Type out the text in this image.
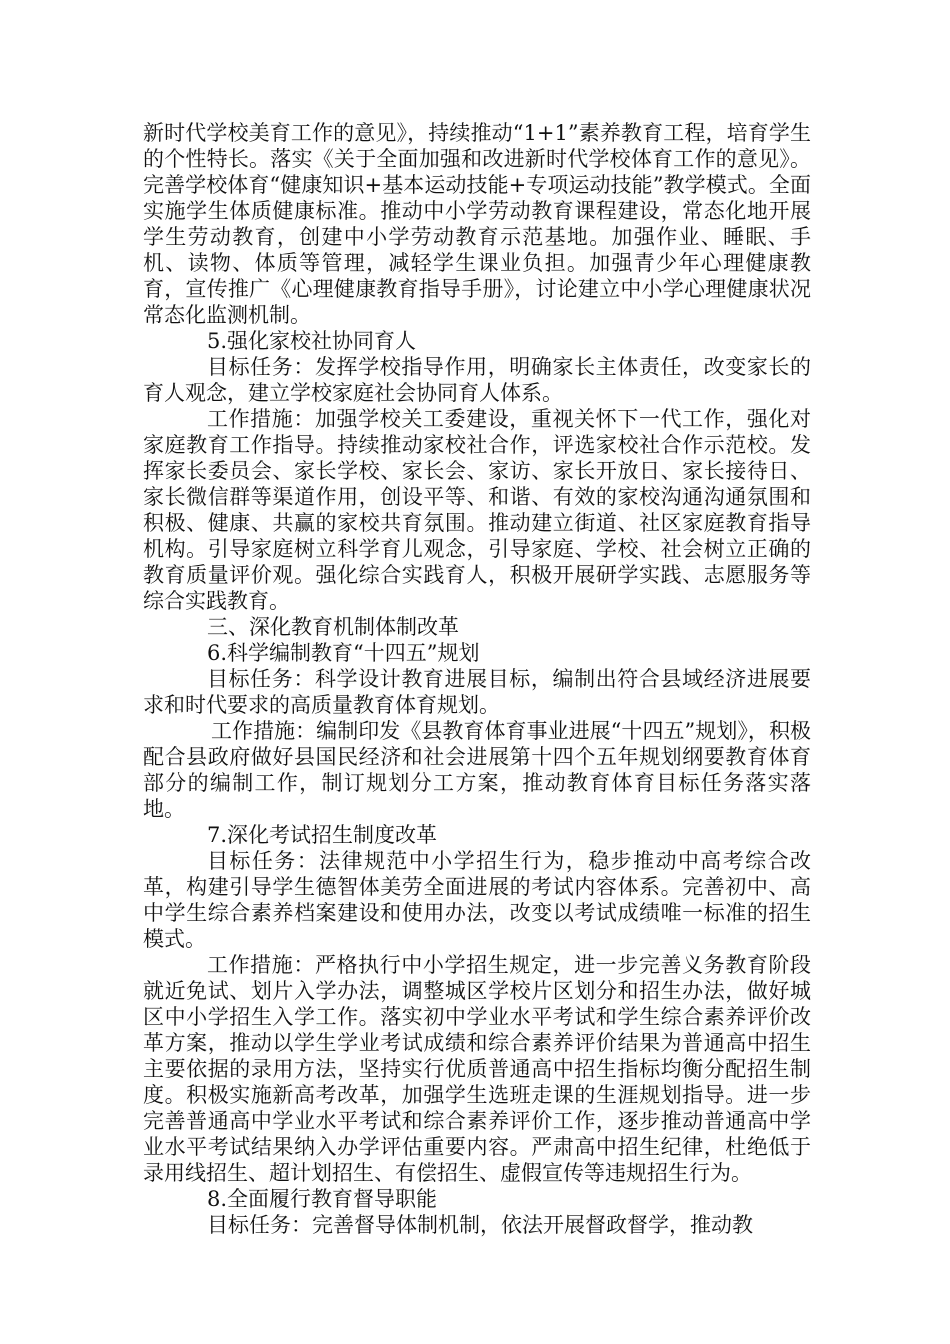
新时代学校美育工作的意见》，持续推动“1+1”素养教育工程，培育学生的个性特长。落实《关于全面加强和改进新时代学校体育工作的意见》。完善学校体育“健康知识+基本运动技能+专项运动技能”教学模式。全面实施学生体质健康标准。推动中小学劳动教育课程建设，常态化地开展学生劳动教育，创建中小学劳动教育示范基地。加强作业、睡眠、手机、读物、体质等管理，减轻学生课业负担。加强青少年心理健康教育，宣传推广《心理健康教育指导手册》，讨论建立中小学心理健康状况常态化监测机制。

5.强化家校社协同育人

目标任务：发挥学校指导作用，明确家长主体责任，改变家长的育人观念，建立学校家庭社会协同育人体系。

工作措施：加强学校关工委建设，重视关怀下一代工作，强化对家庭教育工作指导。持续推动家校社合作，评选家校社合作示范校。发挥家长委员会、家长学校、家长会、家访、家长开放日、家长接待日、家长微信群等渠道作用，创设平等、和谐、有效的家校沟通沟通氛围和积极、健康、共赢的家校共育氛围。推动建立街道、社区家庭教育指导机构。引导家庭树立科学育儿观念，引导家庭、学校、社会树立正确的教育质量评价观。强化综合实践育人，积极开展研学实践、志愿服务等综合实践教育。

三、深化教育机制体制改革

6.科学编制教育“十四五”规划

目标任务：科学设计教育进展目标，编制出符合县域经济进展要求和时代要求的高质量教育体育规划。

工作措施：编制印发《县教育体育事业进展“十四五”规划》，积极配合县政府做好县国民经济和社会进展第十四个五年规划纲要教育体育部分的编制工作，制订规划分工方案，推动教育体育目标任务落实落地。

7.深化考试招生制度改革

目标任务：法律规范中小学招生行为，稳步推动中高考综合改革，构建引导学生德智体美劳全面进展的考试内容体系。完善初中、高中学生综合素养档案建设和使用办法，改变以考试成绩唯一标准的招生模式。

工作措施：严格执行中小学招生规定，进一步完善义务教育阶段就近免试、划片入学办法，调整城区学校片区划分和招生办法，做好城区中小学招生入学工作。落实初中学业水平考试和学生综合素养评价改革方案，推动以学生学业考试成绩和综合素养评价结果为普通高中招生主要依据的录用方法，坚持实行优质普通高中招生指标均衡分配招生制度。积极实施新高考改革，加强学生选班走课的生涯规划指导。进一步完善普通高中学业水平考试和综合素养评价工作，逐步推动普通高中学业水平考试结果纳入办学评估重要内容。严肃高中招生纪律，杜绝低于录用线招生、超计划招生、有偿招生、虚假宣传等违规招生行为。

8.全面履行教育督导职能

目标任务：完善督导体制机制，依法开展督政督学，推动教
